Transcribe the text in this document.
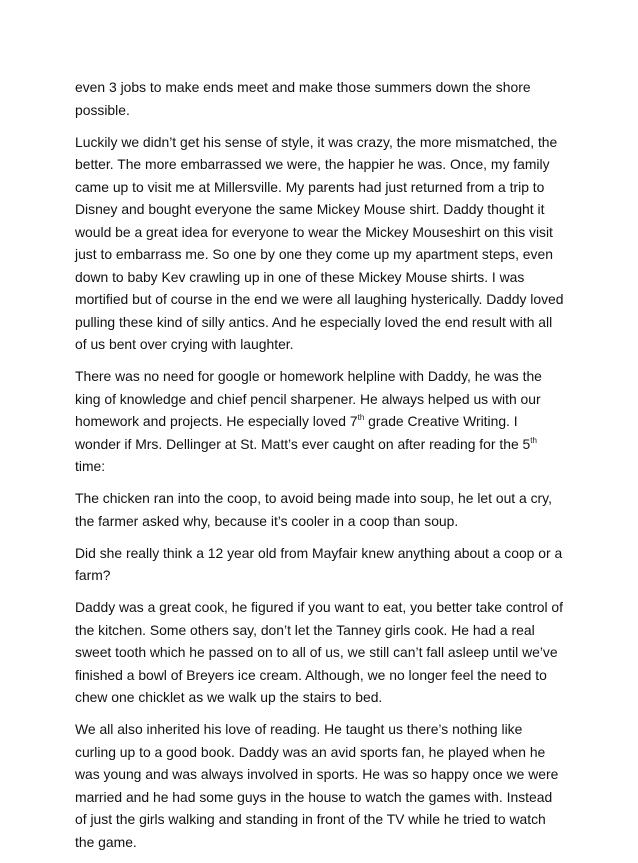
even 3 jobs to make ends meet and make those summers down the shore possible.

Luckily we didn’t get his sense of style, it was crazy, the more mismatched, the better. The more embarrassed we were, the happier he was. Once, my family came up to visit me at Millersville. My parents had just returned from a trip to Disney and bought everyone the same Mickey Mouse shirt. Daddy thought it would be a great idea for everyone to wear the Mickey Mouseshirt on this visit just to embarrass me. So one by one they come up my apartment steps, even down to baby Kev crawling up in one of these Mickey Mouse shirts. I was mortified but of course in the end we were all laughing hysterically. Daddy loved pulling these kind of silly antics. And he especially loved the end result with all of us bent over crying with laughter.

There was no need for google or homework helpline with Daddy, he was the king of knowledge and chief pencil sharpener. He always helped us with our homework and projects. He especially loved 7th grade Creative Writing. I wonder if Mrs. Dellinger at St. Matt’s ever caught on after reading for the 5th time:

The chicken ran into the coop, to avoid being made into soup, he let out a cry, the farmer asked why, because it’s cooler in a coop than soup.

Did she really think a 12 year old from Mayfair knew anything about a coop or a farm?

Daddy was a great cook, he figured if you want to eat, you better take control of the kitchen. Some others say, don’t let the Tanney girls cook. He had a real sweet tooth which he passed on to all of us, we still can’t fall asleep until we’ve finished a bowl of Breyers ice cream. Although, we no longer feel the need to chew one chicklet as we walk up the stairs to bed.

We all also inherited his love of reading. He taught us there’s nothing like curling up to a good book. Daddy was an avid sports fan, he played when he was young and was always involved in sports. He was so happy once we were married and he had some guys in the house to watch the games with. Instead of just the girls walking and standing in front of the TV while he tried to watch the game.
